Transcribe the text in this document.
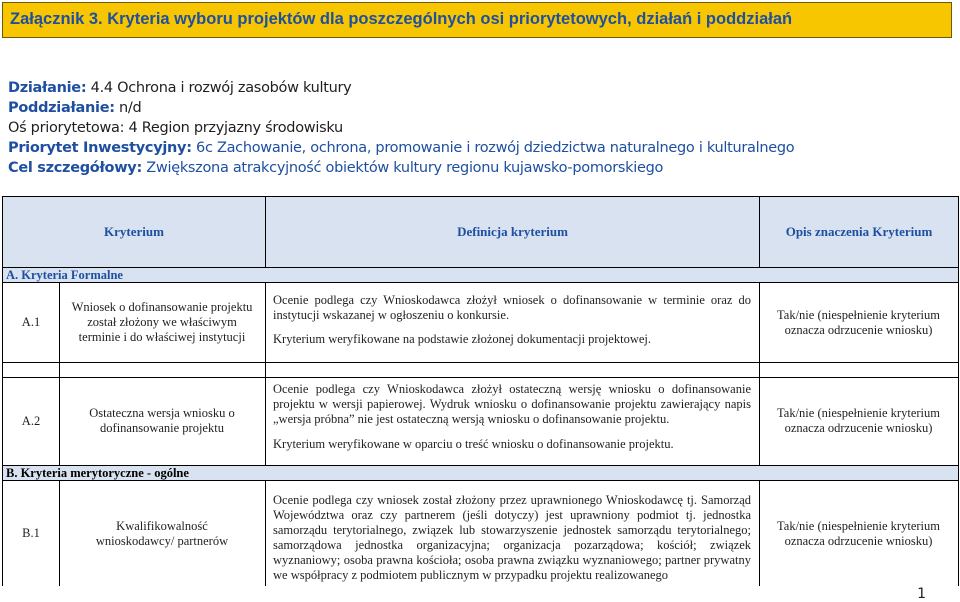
Załącznik 3. Kryteria wyboru projektów dla poszczególnych osi priorytetowych, działań i poddziałań
Działanie: 4.4 Ochrona i rozwój zasobów kultury
Poddziałanie: n/d
Oś priorytetowa: 4 Region przyjazny środowisku
Priorytet Inwestycyjny: 6c Zachowanie, ochrona, promowanie i rozwój dziedzictwa naturalnego i kulturalnego
Cel szczegółowy: Zwiększona atrakcyjność obiektów kultury regionu kujawsko-pomorskiego
Kryterium	Definicja kryterium	Opis znaczenia Kryterium
A. Kryteria Formalne
A.1
Wniosek o dofinansowanie projektu został złożony we właściwym terminie i do właściwej instytucji
Ocenie podlega czy Wnioskodawca złożył wniosek o dofinansowanie w terminie oraz do instytucji wskazanej w ogłoszeniu o konkursie.
Kryterium weryfikowane na podstawie złożonej dokumentacji projektowej.
Tak/nie (niespełnienie kryterium oznacza odrzucenie wniosku)
A.2
Ostateczna wersja wniosku o dofinansowanie projektu
Ocenie podlega czy Wnioskodawca złożył ostateczną wersję wniosku o dofinansowanie projektu w wersji papierowej. Wydruk wniosku o dofinansowanie projektu zawierający napis „wersja próbna” nie jest ostateczną wersją wniosku o dofinansowanie projektu.
Kryterium weryfikowane w oparciu o treść wniosku o dofinansowanie projektu.
Tak/nie (niespełnienie kryterium oznacza odrzucenie wniosku)
B. Kryteria merytoryczne - ogólne
B.1
Kwalifikowalność wnioskodawcy/ partnerów
Ocenie podlega czy wniosek został złożony przez uprawnionego Wnioskodawcę tj. Samorząd Województwa oraz czy partnerem (jeśli dotyczy) jest uprawniony podmiot tj. jednostka samorządu terytorialnego, związek lub stowarzyszenie jednostek samorządu terytorialnego; samorządowa jednostka organizacyjna; organizacja pozarządowa; kościół; związek wyznaniowy; osoba prawna kościoła; osoba prawna związku wyznaniowego; partner prywatny we współpracy z podmiotem publicznym w przypadku projektu realizowanego
Tak/nie (niespełnienie kryterium oznacza odrzucenie wniosku)
1
